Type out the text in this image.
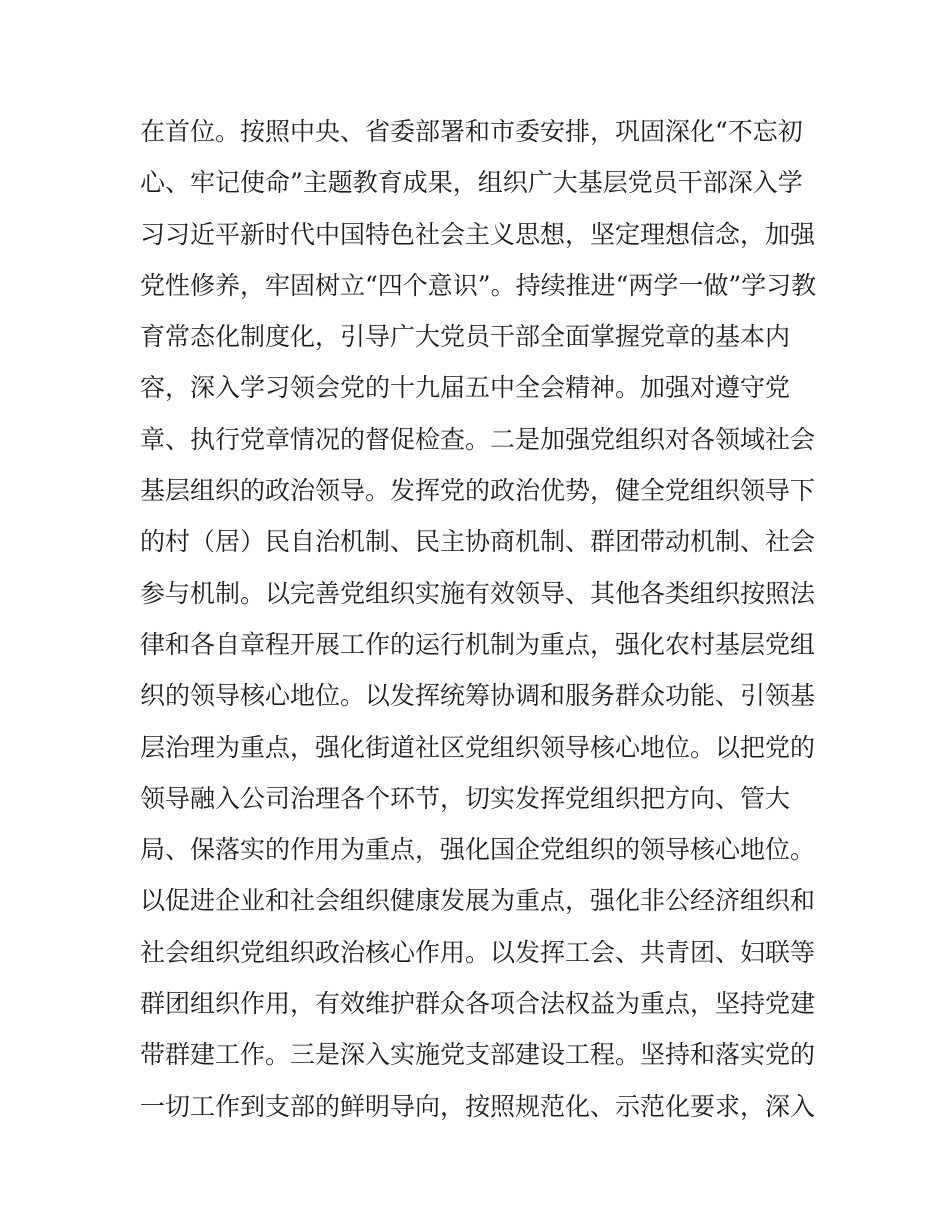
在首位。按照中央、省委部署和市委安排，巩固深化“不忘初
心、牢记使命”主题教育成果，组织广大基层党员干部深入学
习习近平新时代中国特色社会主义思想，坚定理想信念，加强
党性修养，牢固树立“四个意识”。持续推进“两学一做”学习教
育常态化制度化，引导广大党员干部全面掌握党章的基本内
容，深入学习领会党的十九届五中全会精神。加强对遵守党
章、执行党章情况的督促检查。二是加强党组织对各领域社会
基层组织的政治领导。发挥党的政治优势，健全党组织领导下
的村（居）民自治机制、民主协商机制、群团带动机制、社会
参与机制。以完善党组织实施有效领导、其他各类组织按照法
律和各自章程开展工作的运行机制为重点，强化农村基层党组
织的领导核心地位。以发挥统筹协调和服务群众功能、引领基
层治理为重点，强化街道社区党组织领导核心地位。以把党的
领导融入公司治理各个环节，切实发挥党组织把方向、管大
局、保落实的作用为重点，强化国企党组织的领导核心地位。
以促进企业和社会组织健康发展为重点，强化非公经济组织和
社会组织党组织政治核心作用。以发挥工会、共青团、妇联等
群团组织作用，有效维护群众各项合法权益为重点，坚持党建
带群建工作。三是深入实施党支部建设工程。坚持和落实党的
一切工作到支部的鲜明导向，按照规范化、示范化要求，深入
